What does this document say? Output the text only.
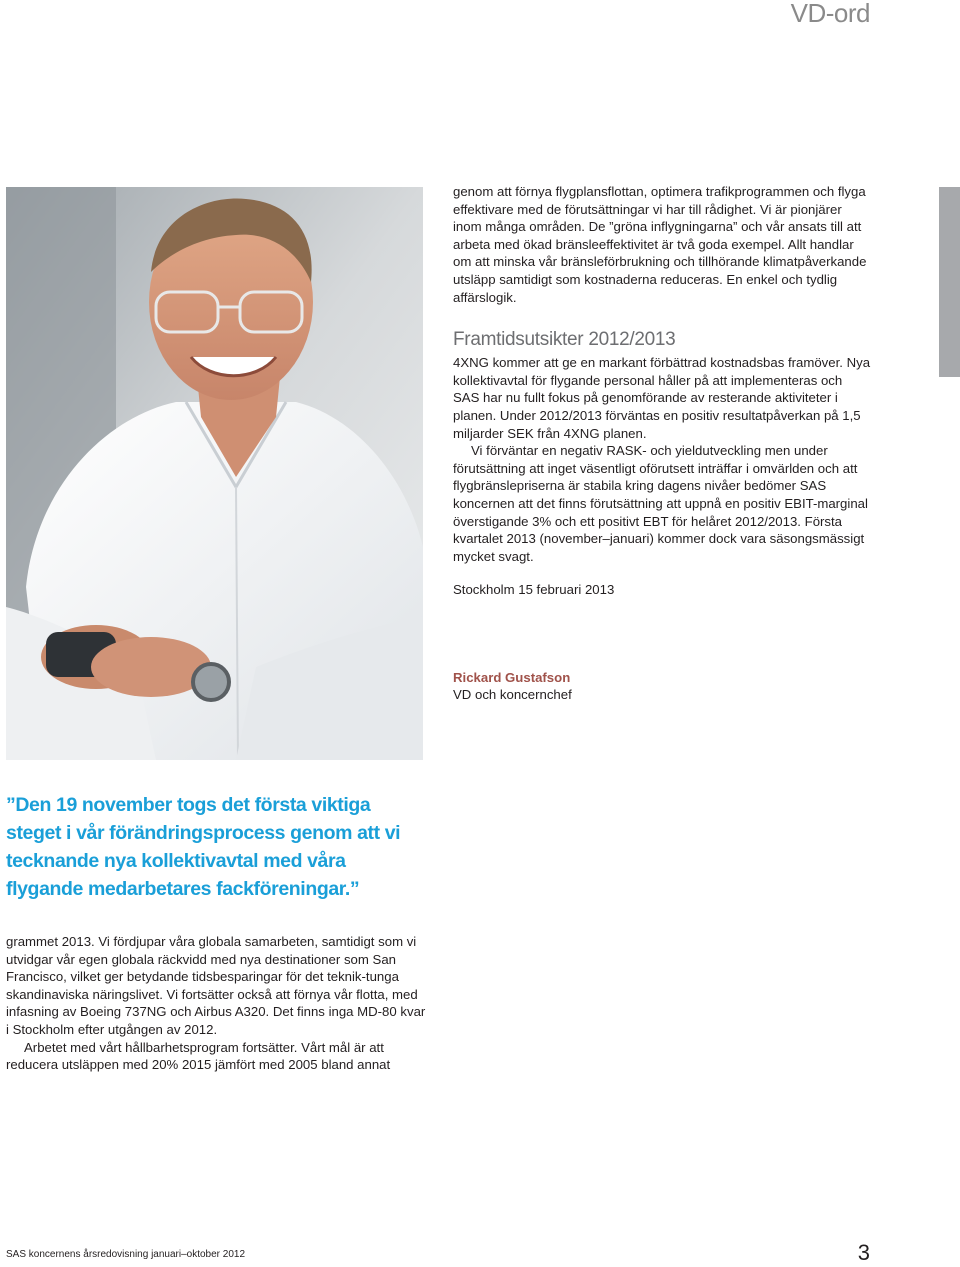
VD-ord

genom att förnya flygplansflottan, optimera trafikprogrammen och flyga effektivare med de förutsättningar vi har till rådighet. Vi är pionjärer inom många områden. De ”gröna inflygningarna” och vår ansats till att arbeta med ökad bränsleeffektivitet är två goda exempel. Allt handlar om att minska vår bränsleförbrukning och tillhörande klimatpåverkande utsläpp samtidigt som kostnaderna reduceras. En enkel och tydlig affärslogik.

Framtidsutsikter 2012/2013

4XNG kommer att ge en markant förbättrad kostnadsbas framöver. Nya kollektivavtal för flygande personal håller på att implementeras och SAS har nu fullt fokus på genomförande av resterande aktiviteter i planen. Under 2012/2013 förväntas en positiv resultatpåverkan på 1,5 miljarder SEK från 4XNG planen.

Vi förväntar en negativ RASK- och yieldutveckling men under förutsättning att inget väsentligt oförutsett inträffar i omvärlden och att flygbränslepriserna är stabila kring dagens nivåer bedömer SAS koncernen att det finns förutsättning att uppnå en positiv EBIT-marginal överstigande 3% och ett positivt EBT för helåret 2012/2013. Första kvartalet 2013 (november–januari) kommer dock vara säsongsmässigt mycket svagt.

Stockholm 15 februari 2013

Rickard Gustafson

VD och koncernchef

”Den 19 november togs det första viktiga steget i vår förändringsprocess genom att vi tecknande nya kollektivavtal med våra flygande medarbetares fackföreningar.”

grammet 2013. Vi fördjupar våra globala samarbeten, samtidigt som vi utvidgar vår egen globala räckvidd med nya destinationer som San Francisco, vilket ger betydande tidsbesparingar för det teknik-tunga skandinaviska näringslivet. Vi fortsätter också att förnya vår flotta, med infasning av Boeing 737NG och Airbus A320. Det finns inga MD-80 kvar i Stockholm efter utgången av 2012.

Arbetet med vårt hållbarhetsprogram fortsätter. Vårt mål är att reducera utsläppen med 20% 2015 jämfört med 2005 bland annat

SAS koncernens årsredovisning januari–oktober 2012	3
